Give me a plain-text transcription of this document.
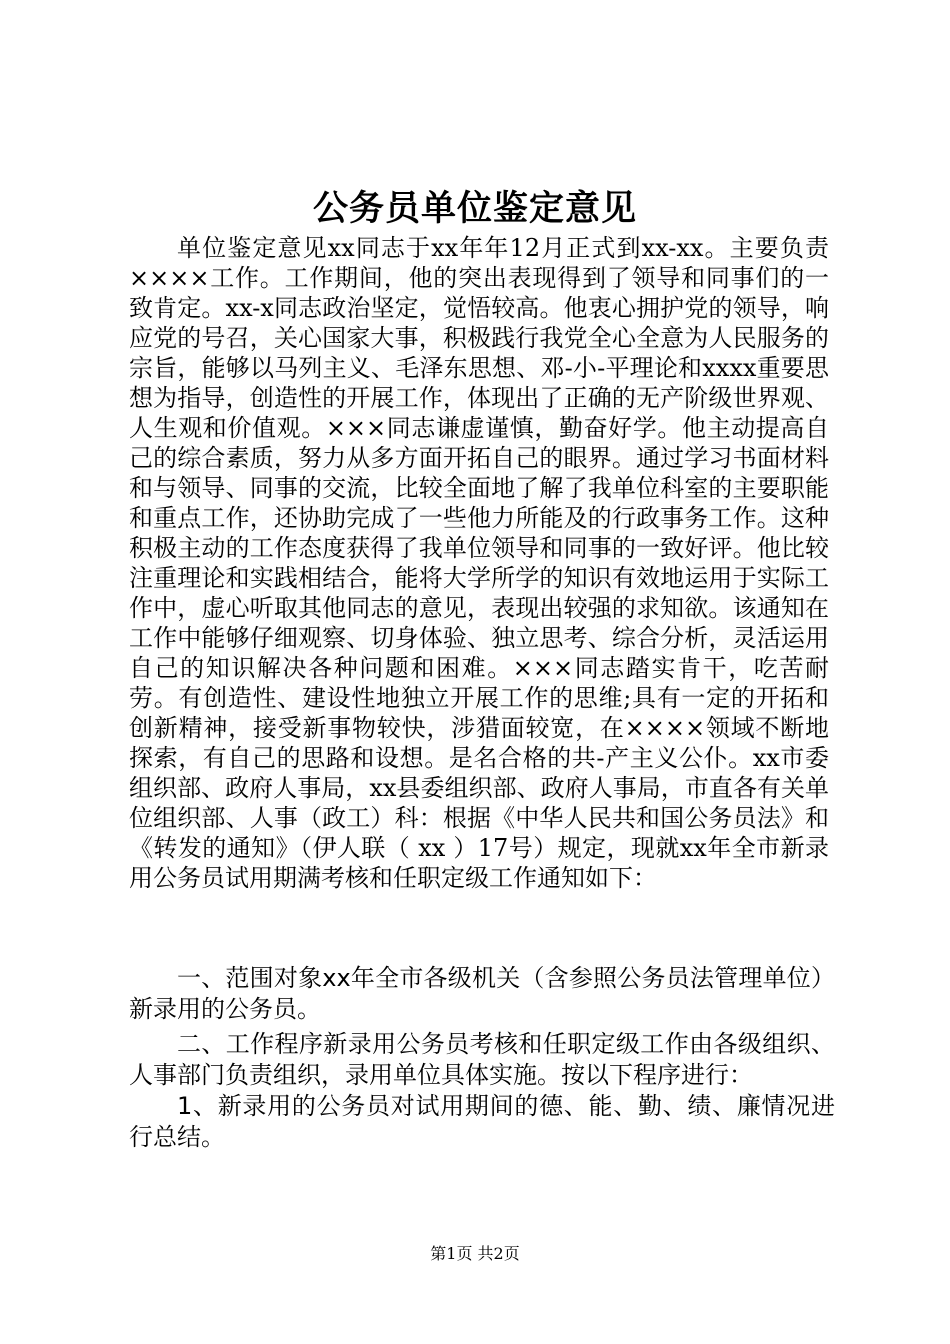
公务员单位鉴定意见

单位鉴定意见xx同志于xx年年12月正式到xx-xx。主要负责××××工作。工作期间，他的突出表现得到了领导和同事们的一致肯定。xx-x同志政治坚定，觉悟较高。他衷心拥护党的领导，响应党的号召，关心国家大事，积极践行我党全心全意为人民服务的宗旨，能够以马列主义、毛泽东思想、邓-小-平理论和xxxx重要思想为指导，创造性的开展工作，体现出了正确的无产阶级世界观、人生观和价值观。×××同志谦虚谨慎，勤奋好学。他主动提高自己的综合素质，努力从多方面开拓自己的眼界。通过学习书面材料和与领导、同事的交流，比较全面地了解了我单位科室的主要职能和重点工作，还协助完成了一些他力所能及的行政事务工作。这种积极主动的工作态度获得了我单位领导和同事的一致好评。他比较注重理论和实践相结合，能将大学所学的知识有效地运用于实际工作中，虚心听取其他同志的意见，表现出较强的求知欲。该通知在工作中能够仔细观察、切身体验、独立思考、综合分析，灵活运用自己的知识解决各种问题和困难。×××同志踏实肯干，吃苦耐劳。有创造性、建设性地独立开展工作的思维;具有一定的开拓和创新精神，接受新事物较快，涉猎面较宽，在××××领域不断地探索，有自己的思路和设想。是名合格的共-产主义公仆。xx市委组织部、政府人事局，xx县委组织部、政府人事局，市直各有关单位组织部、人事（政工）科：根据《中华人民共和国公务员法》和《转发的通知》（伊人联（ xx ）17号）规定，现就xx年全市新录用公务员试用期满考核和任职定级工作通知如下：

一、范围对象xx年全市各级机关（含参照公务员法管理单位）新录用的公务员。

二、工作程序新录用公务员考核和任职定级工作由各级组织、人事部门负责组织，录用单位具体实施。按以下程序进行：

1、新录用的公务员对试用期间的德、能、勤、绩、廉情况进行总结。

第1页 共2页
